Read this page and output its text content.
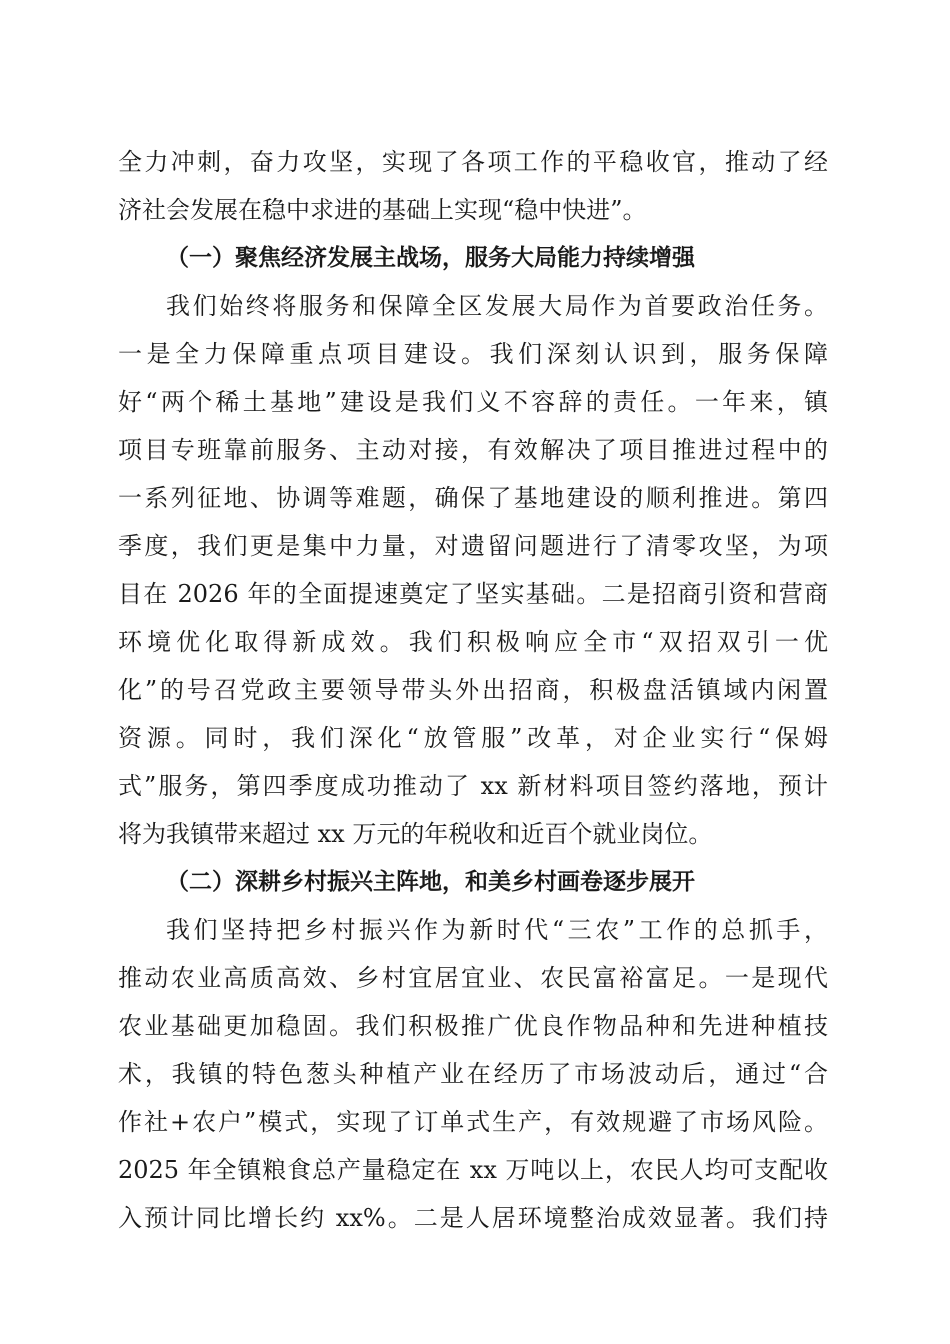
全力冲刺，奋力攻坚，实现了各项工作的平稳收官，推动了经
济社会发展在稳中求进的基础上实现“稳中快进”。
（一）聚焦经济发展主战场，服务大局能力持续增强
我们始终将服务和保障全区发展大局作为首要政治任务。
一是全力保障重点项目建设。我们深刻认识到，服务保障
好“两个稀土基地”建设是我们义不容辞的责任。一年来，镇
项目专班靠前服务、主动对接，有效解决了项目推进过程中的
一系列征地、协调等难题，确保了基地建设的顺利推进。第四
季度，我们更是集中力量，对遗留问题进行了清零攻坚，为项
目在 2026 年的全面提速奠定了坚实基础。二是招商引资和营商
环境优化取得新成效。我们积极响应全市“双招双引一优
化”的号召党政主要领导带头外出招商，积极盘活镇域内闲置
资源。同时，我们深化“放管服”改革，对企业实行“保姆
式”服务，第四季度成功推动了 xx 新材料项目签约落地，预计
将为我镇带来超过 xx 万元的年税收和近百个就业岗位。
（二）深耕乡村振兴主阵地，和美乡村画卷逐步展开
我们坚持把乡村振兴作为新时代“三农”工作的总抓手，
推动农业高质高效、乡村宜居宜业、农民富裕富足。一是现代
农业基础更加稳固。我们积极推广优良作物品种和先进种植技
术，我镇的特色葱头种植产业在经历了市场波动后，通过“合
作社+农户”模式，实现了订单式生产，有效规避了市场风险。
2025 年全镇粮食总产量稳定在 xx 万吨以上，农民人均可支配收
入预计同比增长约 xx%。二是人居环境整治成效显著。我们持
